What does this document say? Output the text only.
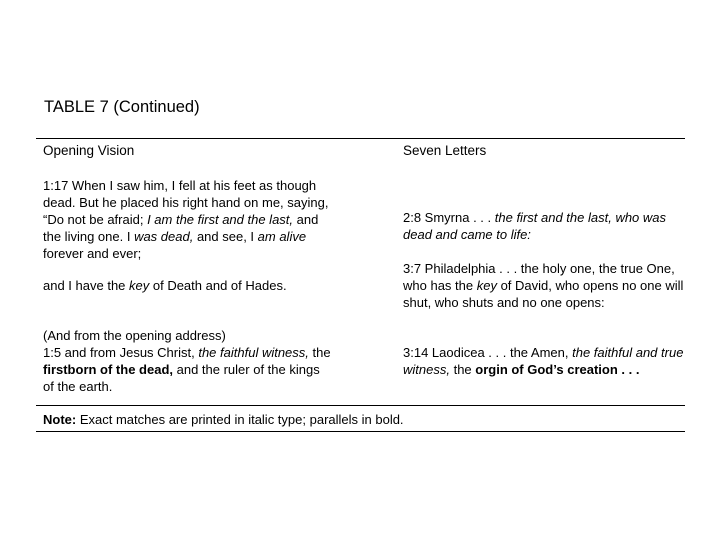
TABLE 7 (Continued)
Opening Vision	Seven Letters
1:17 When I saw him, I fell at his feet as though dead. But he placed his right hand on me, saying, “Do not be afraid; I am the first and the last, and the living one. I was dead, and see, I am alive forever and ever;
2:8 Smyrna . . . the first and the last, who was dead and came to life:
and I have the key of Death and of Hades.
3:7 Philadelphia . . . the holy one, the true One, who has the key of David, who opens no one will shut, who shuts and no one opens:
(And from the opening address)
1:5 and from Jesus Christ, the faithful witness, the firstborn of the dead, and the ruler of the kings of the earth.
3:14 Laodicea . . . the Amen, the faithful and true witness, the orgin of God’s creation . . .
Note: Exact matches are printed in italic type; parallels in bold.
